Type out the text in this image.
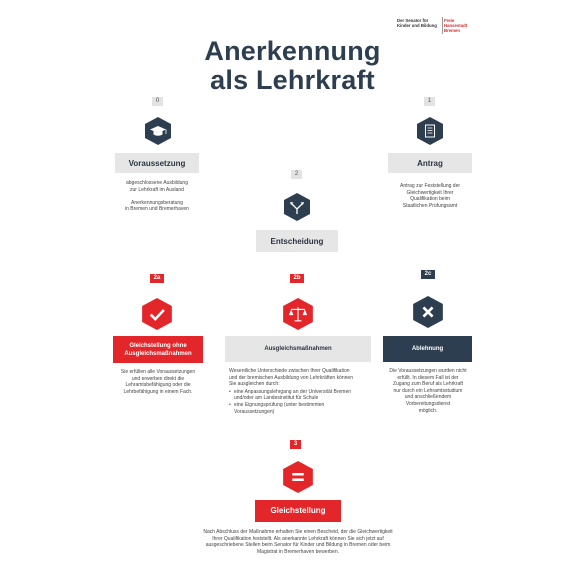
Anerkennung
als Lehrkraft
Der Senator für
Kinder und Bildung
Freie
Hansestadt
Bremen
0
Voraussetzung
abgeschlossene Ausbildung
zur Lehrkraft im Ausland
Anerkennungsberatung
in Bremen und Bremerhaven
1
Antrag
Antrag zur Feststellung der
Gleichwertigkeit Ihrer
Qualifikation beim
Staatlichen Prüfungsamt
2
Entscheidung
2a
Gleichstellung ohne
Ausgleichsmaßnahmen
Sie erfüllen alle Voraussetzungen
und erwerben direkt die
Lehramtsbefähigung oder die
Lehrbefähigung in einem Fach.
2b
Ausgleichsmaßnahmen
Wesentliche Unterschiede zwischen Ihrer Qualifikation
und der bremischen Ausbildung von Lehrkräften können
Sie ausgleichen durch:
• eine Anpassungslehrgang an der Universität Bremen
und/oder am Landesinstitut für Schule
• eine Eignungsprüfung (unter bestimmten
Voraussetzungen)
2c
Ablehnung
Die Voraussetzungen wurden nicht
erfüllt. In diesem Fall ist der
Zugang zum Beruf als Lehrkraft
nur durch ein Lehramtsstudium
und anschließendem
Vorbereitungsdienst
möglich.
3
Gleichstellung
Nach Abschluss der Maßnahme erhalten Sie einen Bescheid, der die Gleichwertigkeit
Ihrer Qualifikation feststellt. Als anerkannte Lehrkraft können Sie sich jetzt auf
ausgeschriebene Stellen beim Senator für Kinder und Bildung in Bremen oder beim
Magistrat in Bremerhaven bewerben.
